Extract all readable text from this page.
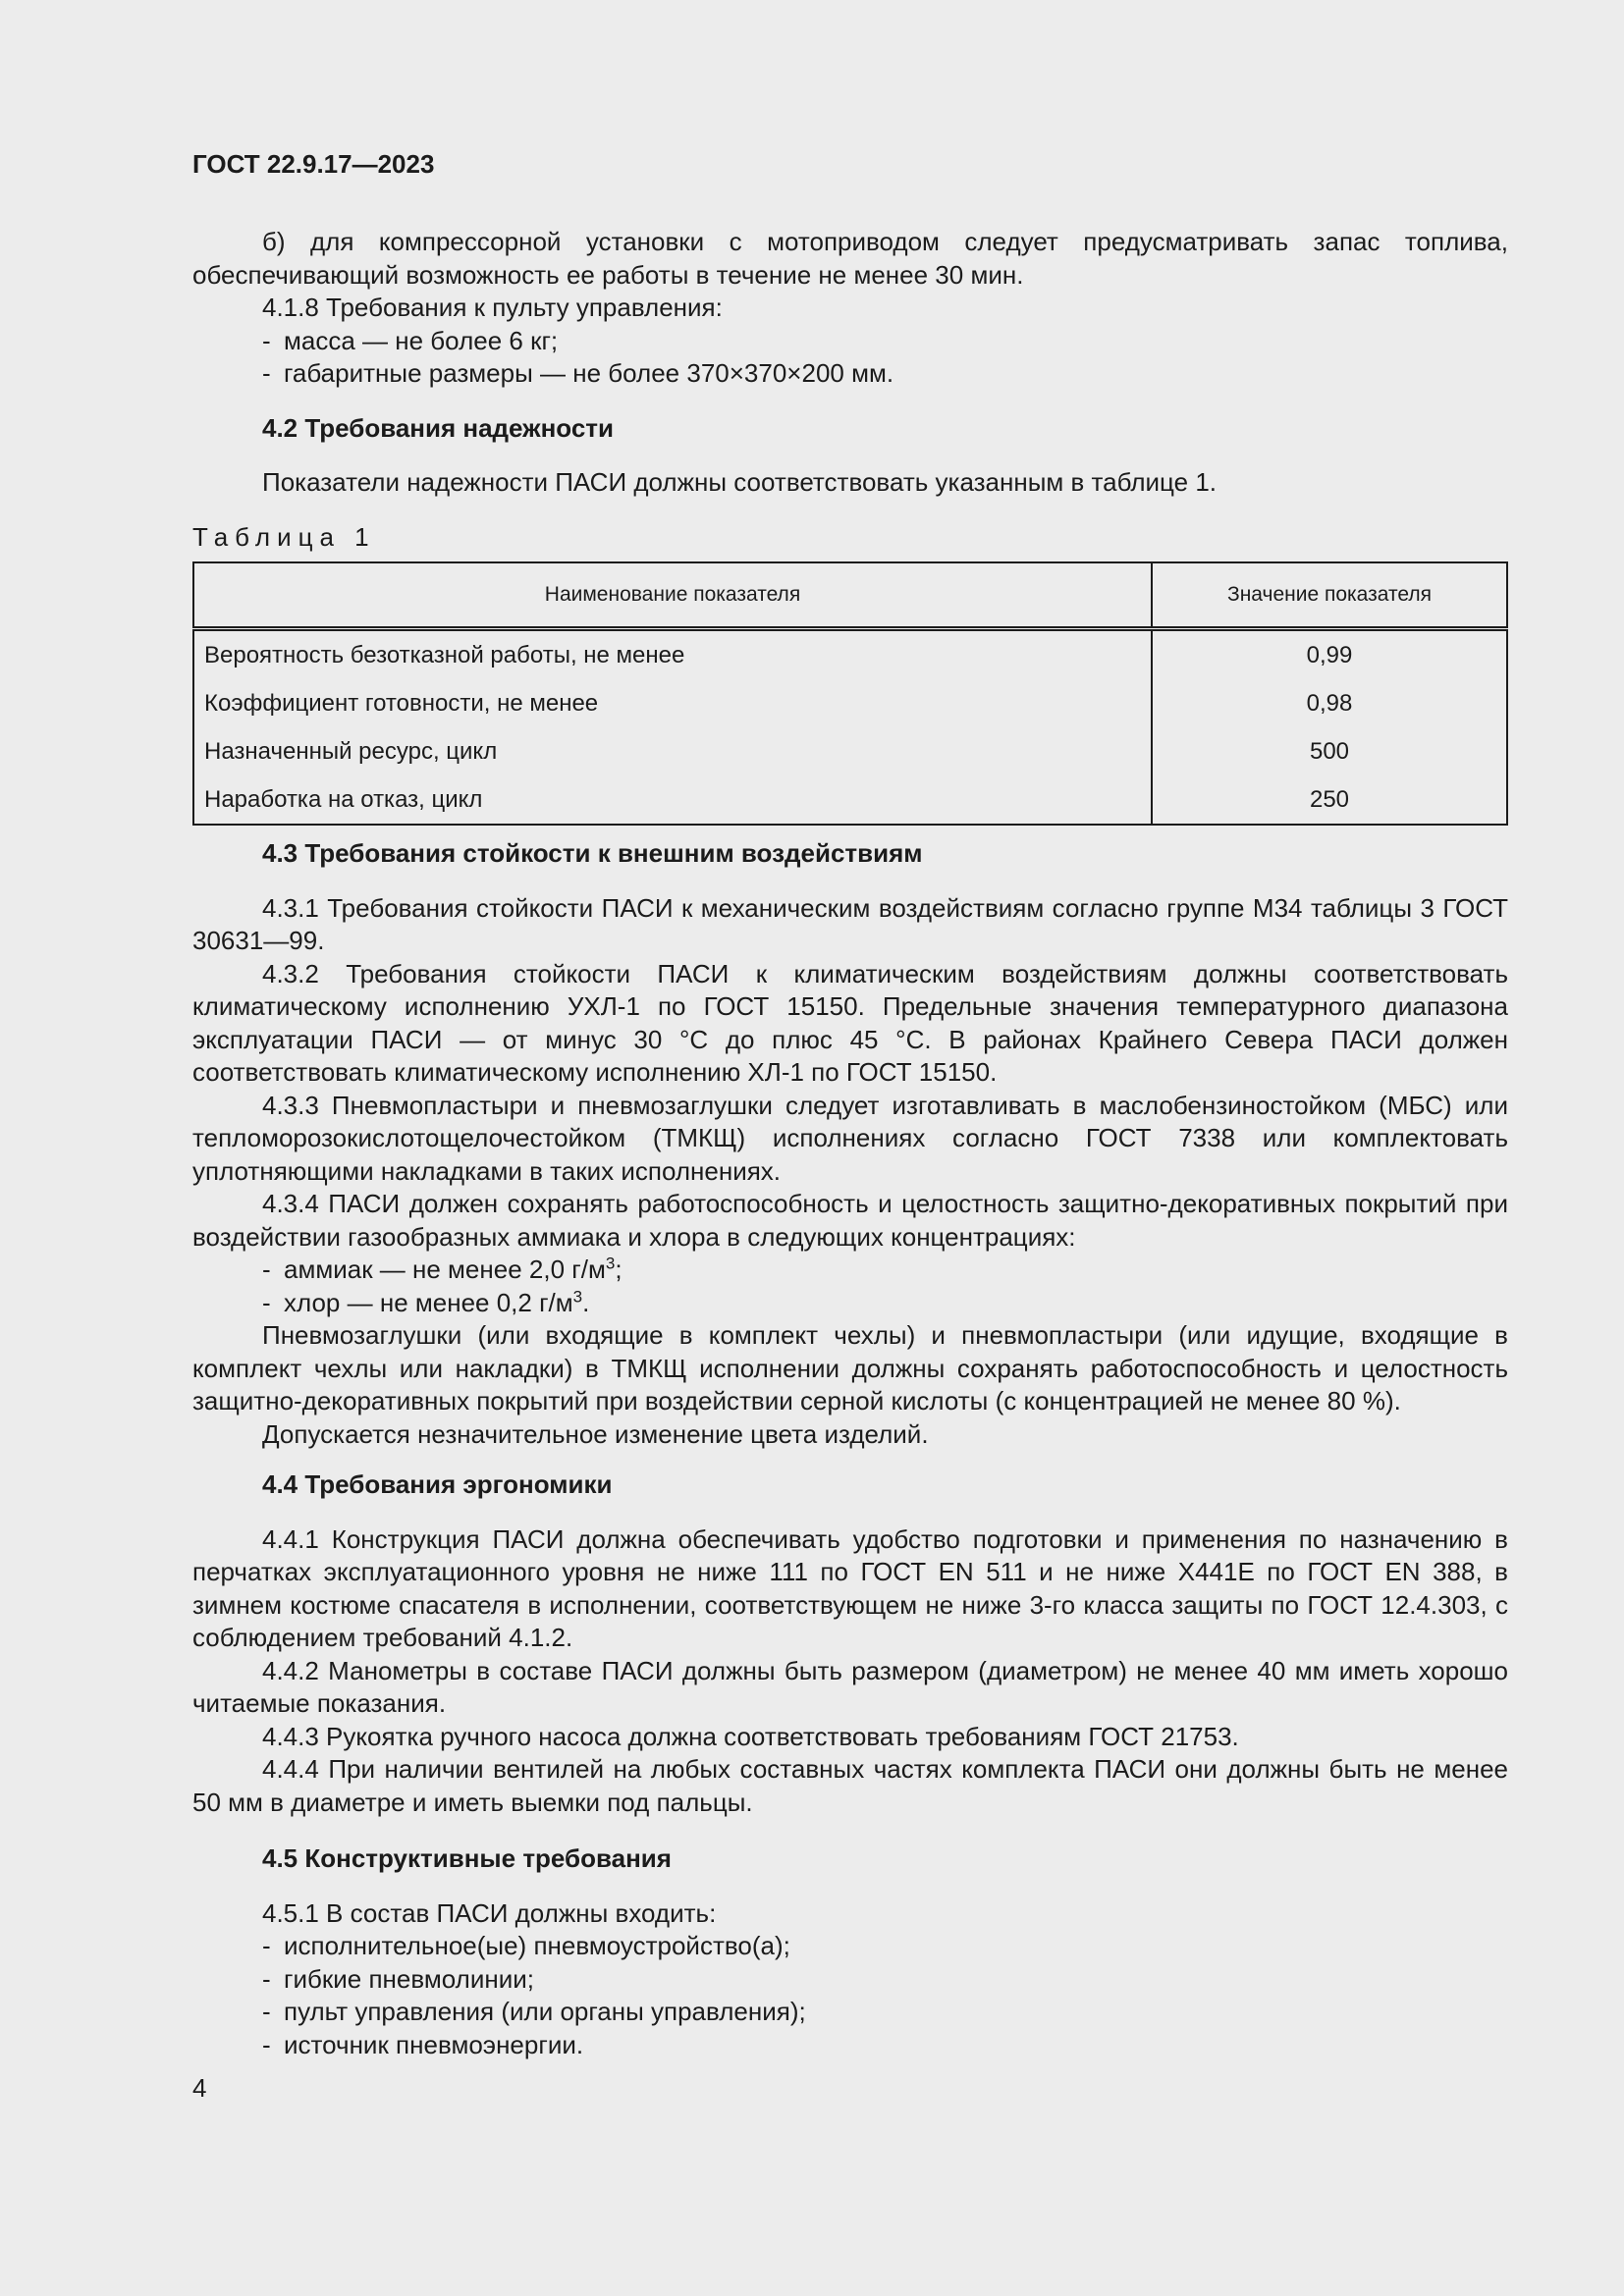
ГОСТ 22.9.17—2023

б) для компрессорной установки с мотоприводом следует предусматривать запас топлива, обеспечивающий возможность ее работы в течение не менее 30 мин.

4.1.8 Требования к пульту управления:

- масса — не более 6 кг;

- габаритные размеры — не более 370×370×200 мм.

4.2 Требования надежности

Показатели надежности ПАСИ должны соответствовать указанным в таблице 1.

Таблица 1

Наименование показателя	Значение показателя
Вероятность безотказной работы, не менее	0,99
Коэффициент готовности, не менее	0,98
Назначенный ресурс, цикл	500
Наработка на отказ, цикл	250

4.3 Требования стойкости к внешним воздействиям

4.3.1 Требования стойкости ПАСИ к механическим воздействиям согласно группе М34 таблицы 3 ГОСТ 30631—99.

4.3.2 Требования стойкости ПАСИ к климатическим воздействиям должны соответствовать климатическому исполнению УХЛ-1 по ГОСТ 15150. Предельные значения температурного диапазона эксплуатации ПАСИ — от минус 30 °С до плюс 45 °С. В районах Крайнего Севера ПАСИ должен соответствовать климатическому исполнению ХЛ-1 по ГОСТ 15150.

4.3.3 Пневмопластыри и пневмозаглушки следует изготавливать в маслобензиностойком (МБС) или тепломорозокислотощелочестойком (ТМКЩ) исполнениях согласно ГОСТ 7338 или комплектовать уплотняющими накладками в таких исполнениях.

4.3.4 ПАСИ должен сохранять работоспособность и целостность защитно-декоративных покрытий при воздействии газообразных аммиака и хлора в следующих концентрациях:

- аммиак — не менее 2,0 $г/м^3$;

- хлор — не менее 0,2 $г/м^3$.

Пневмозаглушки (или входящие в комплект чехлы) и пневмопластыри (или идущие, входящие в комплект чехлы или накладки) в ТМКЩ исполнении должны сохранять работоспособность и целостность защитно-декоративных покрытий при воздействии серной кислоты (с концентрацией не менее 80 %).

Допускается незначительное изменение цвета изделий.

4.4 Требования эргономики

4.4.1 Конструкция ПАСИ должна обеспечивать удобство подготовки и применения по назначению в перчатках эксплуатационного уровня не ниже 111 по ГОСТ EN 511 и не ниже X441E по ГОСТ EN 388, в зимнем костюме спасателя в исполнении, соответствующем не ниже 3-го класса защиты по ГОСТ 12.4.303, с соблюдением требований 4.1.2.

4.4.2 Манометры в составе ПАСИ должны быть размером (диаметром) не менее 40 мм иметь хорошо читаемые показания.

4.4.3 Рукоятка ручного насоса должна соответствовать требованиям ГОСТ 21753.

4.4.4 При наличии вентилей на любых составных частях комплекта ПАСИ они должны быть не менее 50 мм в диаметре и иметь выемки под пальцы.

4.5 Конструктивные требования

4.5.1 В состав ПАСИ должны входить:

- исполнительное(ые) пневмоустройство(а);

- гибкие пневмолинии;

- пульт управления (или органы управления);

- источник пневмоэнергии.

4
